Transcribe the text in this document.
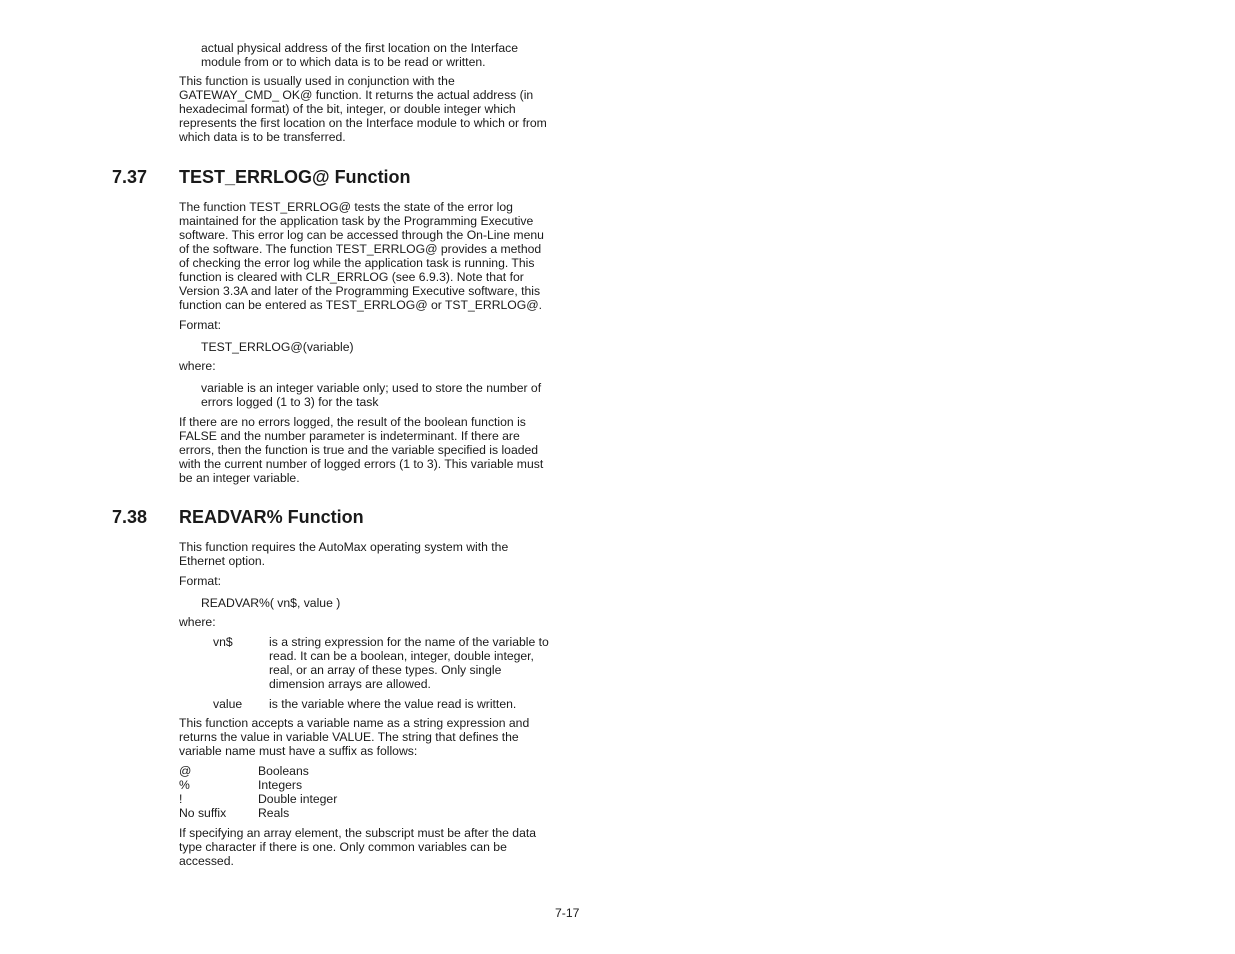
actual physical address of the first location on the Interface
module from or to which data is to be read or written.
This function is usually used in conjunction with the
GATEWAY_CMD_ OK@ function. It returns the actual address (in
hexadecimal format) of the bit, integer, or double integer which
represents the first location on the Interface module to which or from
which data is to be transferred.
7.37 TEST_ERRLOG@ Function
The function TEST_ERRLOG@ tests the state of the error log
maintained for the application task by the Programming Executive
software. This error log can be accessed through the On-Line menu
of the software. The function TEST_ERRLOG@ provides a method
of checking the error log while the application task is running. This
function is cleared with CLR_ERRLOG (see 6.9.3). Note that for
Version 3.3A and later of the Programming Executive software, this
function can be entered as TEST_ERRLOG@ or TST_ERRLOG@.
Format:
TEST_ERRLOG@(variable)
where:
variable is an integer variable only; used to store the number of
errors logged (1 to 3) for the task
If there are no errors logged, the result of the boolean function is
FALSE and the number parameter is indeterminant. If there are
errors, then the function is true and the variable specified is loaded
with the current number of logged errors (1 to 3). This variable must
be an integer variable.
7.38 READVAR% Function
This function requires the AutoMax operating system with the
Ethernet option.
Format:
READVAR%( vn$, value )
where:
vn$	is a string expression for the name of the variable to
read. It can be a boolean, integer, double integer,
real, or an array of these types. Only single
dimension arrays are allowed.
value is the variable where the value read is written.
This function accepts a variable name as a string expression and
returns the value in variable VALUE. The string that defines the
variable name must have a suffix as follows:
@	Booleans
%	Integers
!	Double integer
No suffix	Reals
If specifying an array element, the subscript must be after the data
type character if there is one. Only common variables can be
accessed.
7-17
